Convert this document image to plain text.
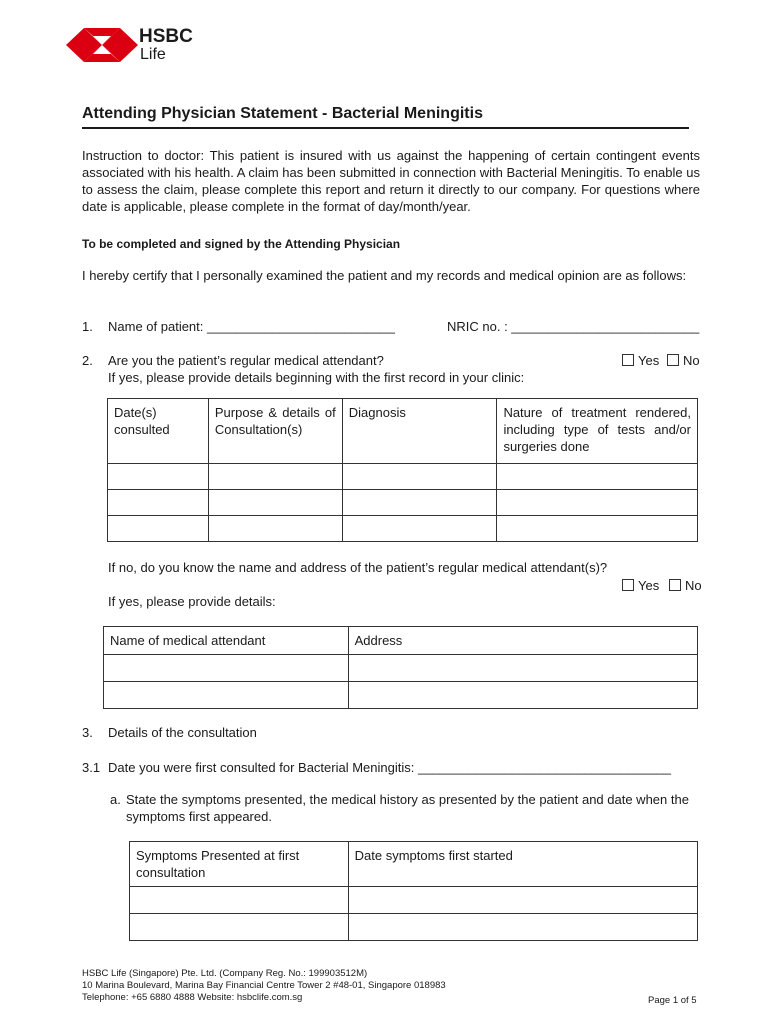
HSBC
Life
Attending Physician Statement - Bacterial Meningitis
Instruction to doctor: This patient is insured with us against the happening of certain contingent events associated with his health. A claim has been submitted in connection with Bacterial Meningitis. To enable us to assess the claim, please complete this report and return it directly to our company. For questions where date is applicable, please complete in the format of day/month/year.
To be completed and signed by the Attending Physician
I hereby certify that I personally examined the patient and my records and medical opinion are as follows:
1. Name of patient: __________________________	NRIC no. : __________________________
2. Are you the patient’s regular medical attendant?	Yes	No
If yes, please provide details beginning with the first record in your clinic:
Date(s) consulted	Purpose & details of Consultation(s)	Diagnosis	Nature of treatment rendered, including type of tests and/or surgeries done

If no, do you know the name and address of the patient’s regular medical attendant(s)?
Yes	No
If yes, please provide details:
Name of medical attendant	Address

3. Details of the consultation
3.1 Date you were first consulted for Bacterial Meningitis: ___________________________________
a. State the symptoms presented, the medical history as presented by the patient and date when the symptoms first appeared.
Symptoms Presented at first consultation	Date symptoms first started

HSBC Life (Singapore) Pte. Ltd. (Company Reg. No.: 199903512M)
10 Marina Boulevard, Marina Bay Financial Centre Tower 2 #48-01, Singapore 018983
Telephone: +65 6880 4888 Website: hsbclife.com.sg	Page 1 of 5
